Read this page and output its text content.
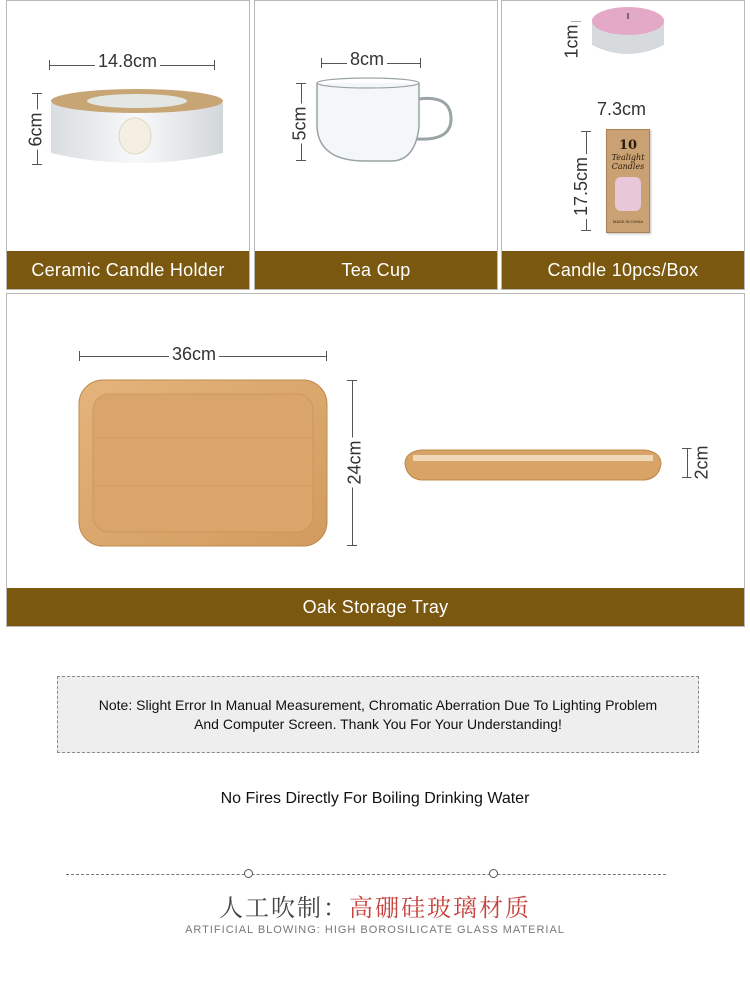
14.8cm
6cm
Ceramic Candle Holder
8cm
5cm
Tea Cup
1cm
7.3cm
10
Tealight
Candles
MADE IN CHINA
17.5cm
Candle 10pcs/Box
36cm
24cm	2cm
Oak Storage Tray
Note: Slight Error In Manual Measurement, Chromatic Aberration Due To Lighting Problem
And Computer Screen. Thank You For Your Understanding!
No Fires Directly For Boiling Drinking Water
人工吹制：高硼硅玻璃材质
ARTIFICIAL BLOWING: HIGH BOROSILICATE GLASS MATERIAL
